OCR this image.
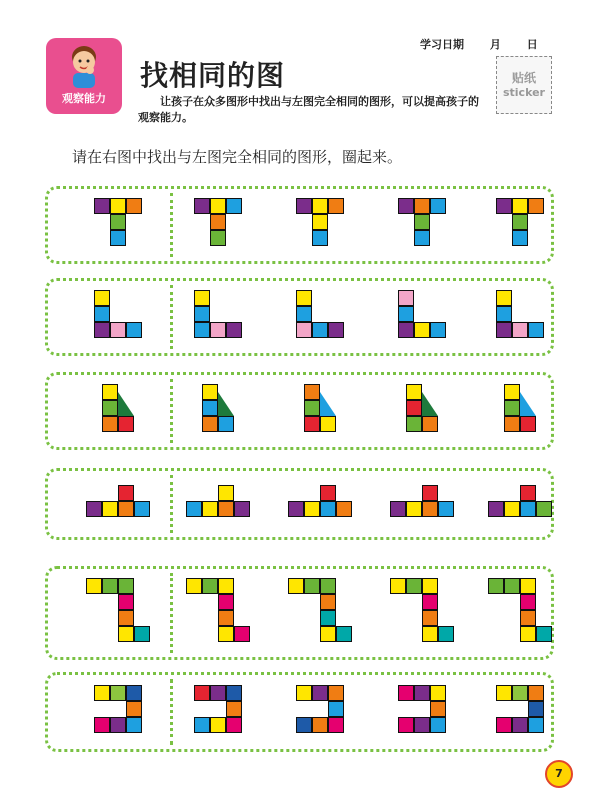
观察能力
找相同的图
学习日期 月 日
贴纸
sticker
让孩子在众多图形中找出与左图完全相同的图形，可以提高孩子的观察能力。
请在右图中找出与左图完全相同的图形，圈起来。
7
